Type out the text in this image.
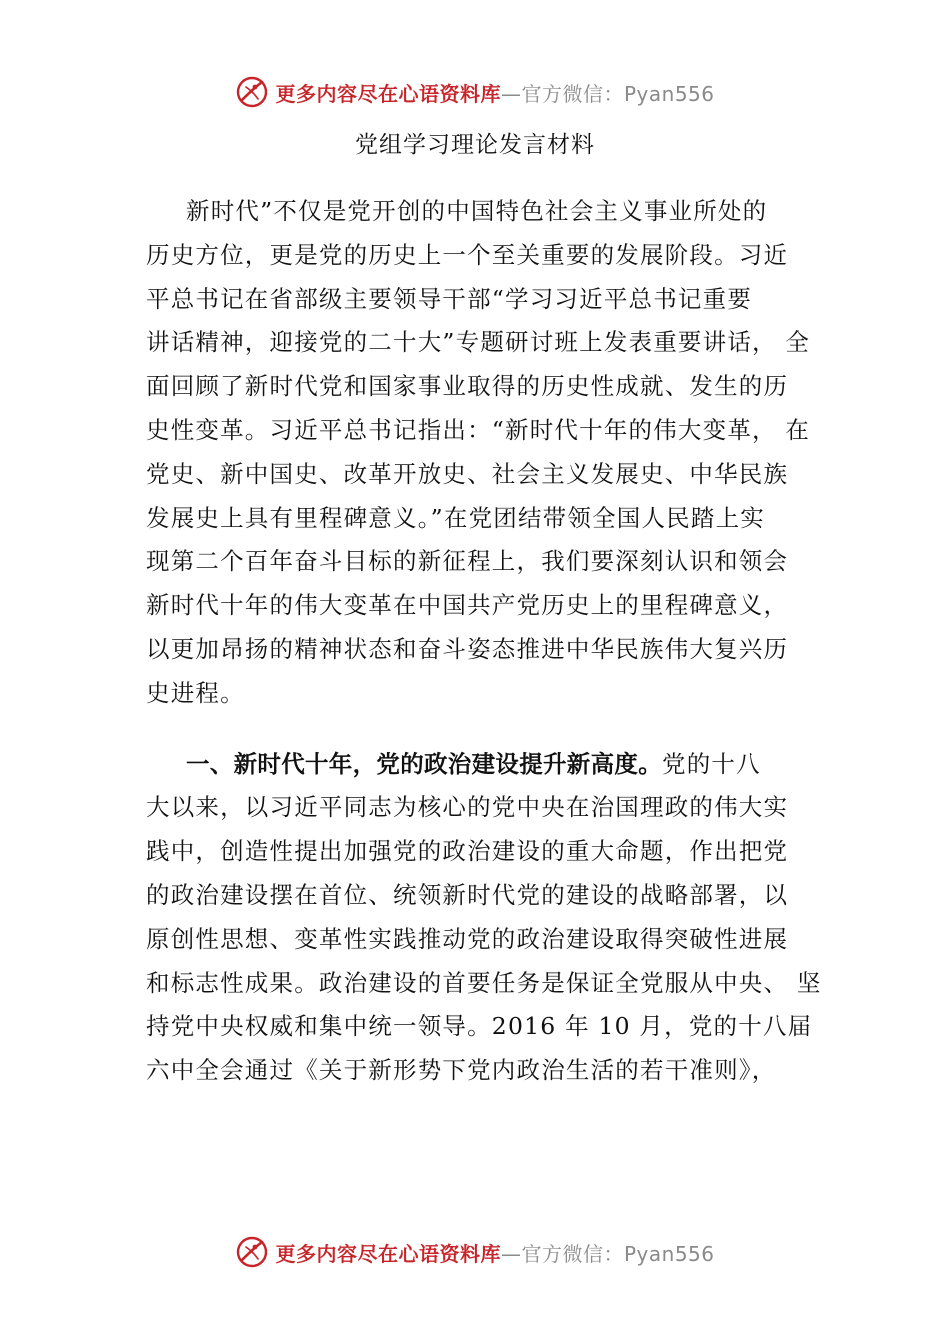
更多内容尽在心语资料库—官方微信：Pyan556
党组学习理论发言材料

新时代”不仅是党开创的中国特色社会主义事业所处的
历史方位，更是党的历史上一个至关重要的发展阶段。习近
平总书记在省部级主要领导干部“学习习近平总书记重要
讲话精神，迎接党的二十大”专题研讨班上发表重要讲话， 全
面回顾了新时代党和国家事业取得的历史性成就、发生的历
史性变革。习近平总书记指出：“新时代十年的伟大变革， 在
党史、新中国史、改革开放史、社会主义发展史、中华民族
发展史上具有里程碑意义。”在党团结带领全国人民踏上实
现第二个百年奋斗目标的新征程上，我们要深刻认识和领会
新时代十年的伟大变革在中国共产党历史上的里程碑意义，
以更加昂扬的精神状态和奋斗姿态推进中华民族伟大复兴历
史进程。

一、新时代十年，党的政治建设提升新高度。党的十八
大以来，以习近平同志为核心的党中央在治国理政的伟大实
践中，创造性提出加强党的政治建设的重大命题，作出把党
的政治建设摆在首位、统领新时代党的建设的战略部署，以
原创性思想、变革性实践推动党的政治建设取得突破性进展
和标志性成果。政治建设的首要任务是保证全党服从中央、 坚
持党中央权威和集中统一领导。2016 年 10 月，党的十八届
六中全会通过《关于新形势下党内政治生活的若干准则》，

更多内容尽在心语资料库—官方微信：Pyan556
